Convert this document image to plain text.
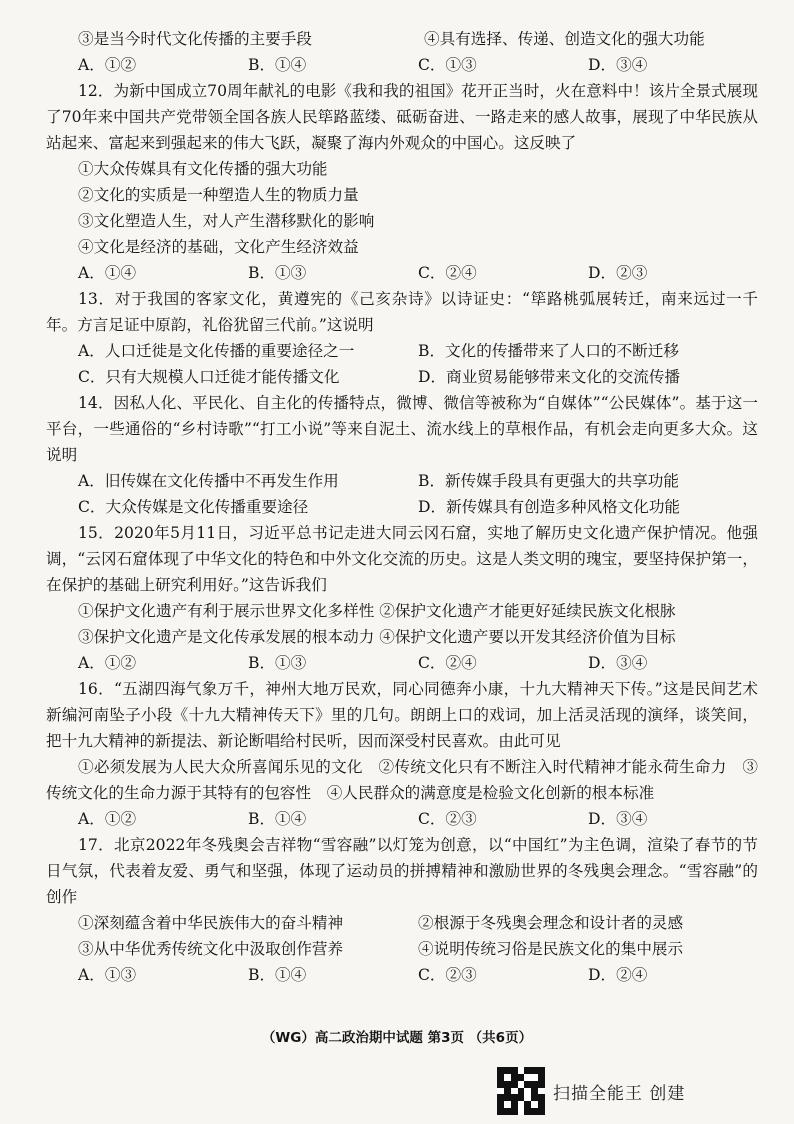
③是当今时代文化传播的主要手段	④具有选择、传递、创造文化的强大功能
A．①②	B．①④	C．①③	D．③④
12．为新中国成立70周年献礼的电影《我和我的祖国》花开正当时，火在意料中！该片全景式展现了70年来中国共产党带领全国各族人民筚路蓝缕、砥砺奋进、一路走来的感人故事，展现了中华民族从站起来、富起来到强起来的伟大飞跃，凝聚了海内外观众的中国心。这反映了
①大众传媒具有文化传播的强大功能
②文化的实质是一种塑造人生的物质力量
③文化塑造人生，对人产生潜移默化的影响
④文化是经济的基础，文化产生经济效益
A．①④	B．①③	C．②④	D．②③
13．对于我国的客家文化，黄遵宪的《己亥杂诗》以诗证史：“筚路桃弧展转迁，南来远过一千年。方言足证中原韵，礼俗犹留三代前。”这说明
A．人口迁徙是文化传播的重要途径之一	B．文化的传播带来了人口的不断迁移
C．只有大规模人口迁徙才能传播文化	D．商业贸易能够带来文化的交流传播
14．因私人化、平民化、自主化的传播特点，微博、微信等被称为“自媒体”“公民媒体”。基于这一平台，一些通俗的“乡村诗歌”“打工小说”等来自泥土、流水线上的草根作品，有机会走向更多大众。这说明
A．旧传媒在文化传播中不再发生作用	B．新传媒手段具有更强大的共享功能
C．大众传媒是文化传播重要途径	D．新传媒具有创造多种风格文化功能
15．2020年5月11日，习近平总书记走进大同云冈石窟，实地了解历史文化遗产保护情况。他强调，“云冈石窟体现了中华文化的特色和中外文化交流的历史。这是人类文明的瑰宝，要坚持保护第一，在保护的基础上研究利用好。”这告诉我们
①保护文化遗产有利于展示世界文化多样性 ②保护文化遗产才能更好延续民族文化根脉
③保护文化遗产是文化传承发展的根本动力 ④保护文化遗产要以开发其经济价值为目标
A．①②	B．①③	C．②④	D．③④
16．“五湖四海气象万千，神州大地万民欢，同心同德奔小康，十九大精神天下传。”这是民间艺术新编河南坠子小段《十九大精神传天下》里的几句。朗朗上口的戏词，加上活灵活现的演绎，谈笑间，把十九大精神的新提法、新论断唱给村民听，因而深受村民喜欢。由此可见
①必须发展为人民大众所喜闻乐见的文化　②传统文化只有不断注入时代精神才能永荷生命力　③传统文化的生命力源于其特有的包容性　④人民群众的满意度是检验文化创新的根本标准
A．①②	B．①④	C．②③	D．③④
17．北京2022年冬残奥会吉祥物“雪容融”以灯笼为创意，以“中国红”为主色调，渲染了春节的节日气氛，代表着友爱、勇气和坚强，体现了运动员的拼搏精神和激励世界的冬残奥会理念。“雪容融”的创作
①深刻蕴含着中华民族伟大的奋斗精神	②根源于冬残奥会理念和设计者的灵感
③从中华优秀传统文化中汲取创作营养	④说明传统习俗是民族文化的集中展示
A．①③	B．①④	C．②③	D．②④
（WG）高二政治期中试题 第3页 （共6页）
扫描全能王 创建
